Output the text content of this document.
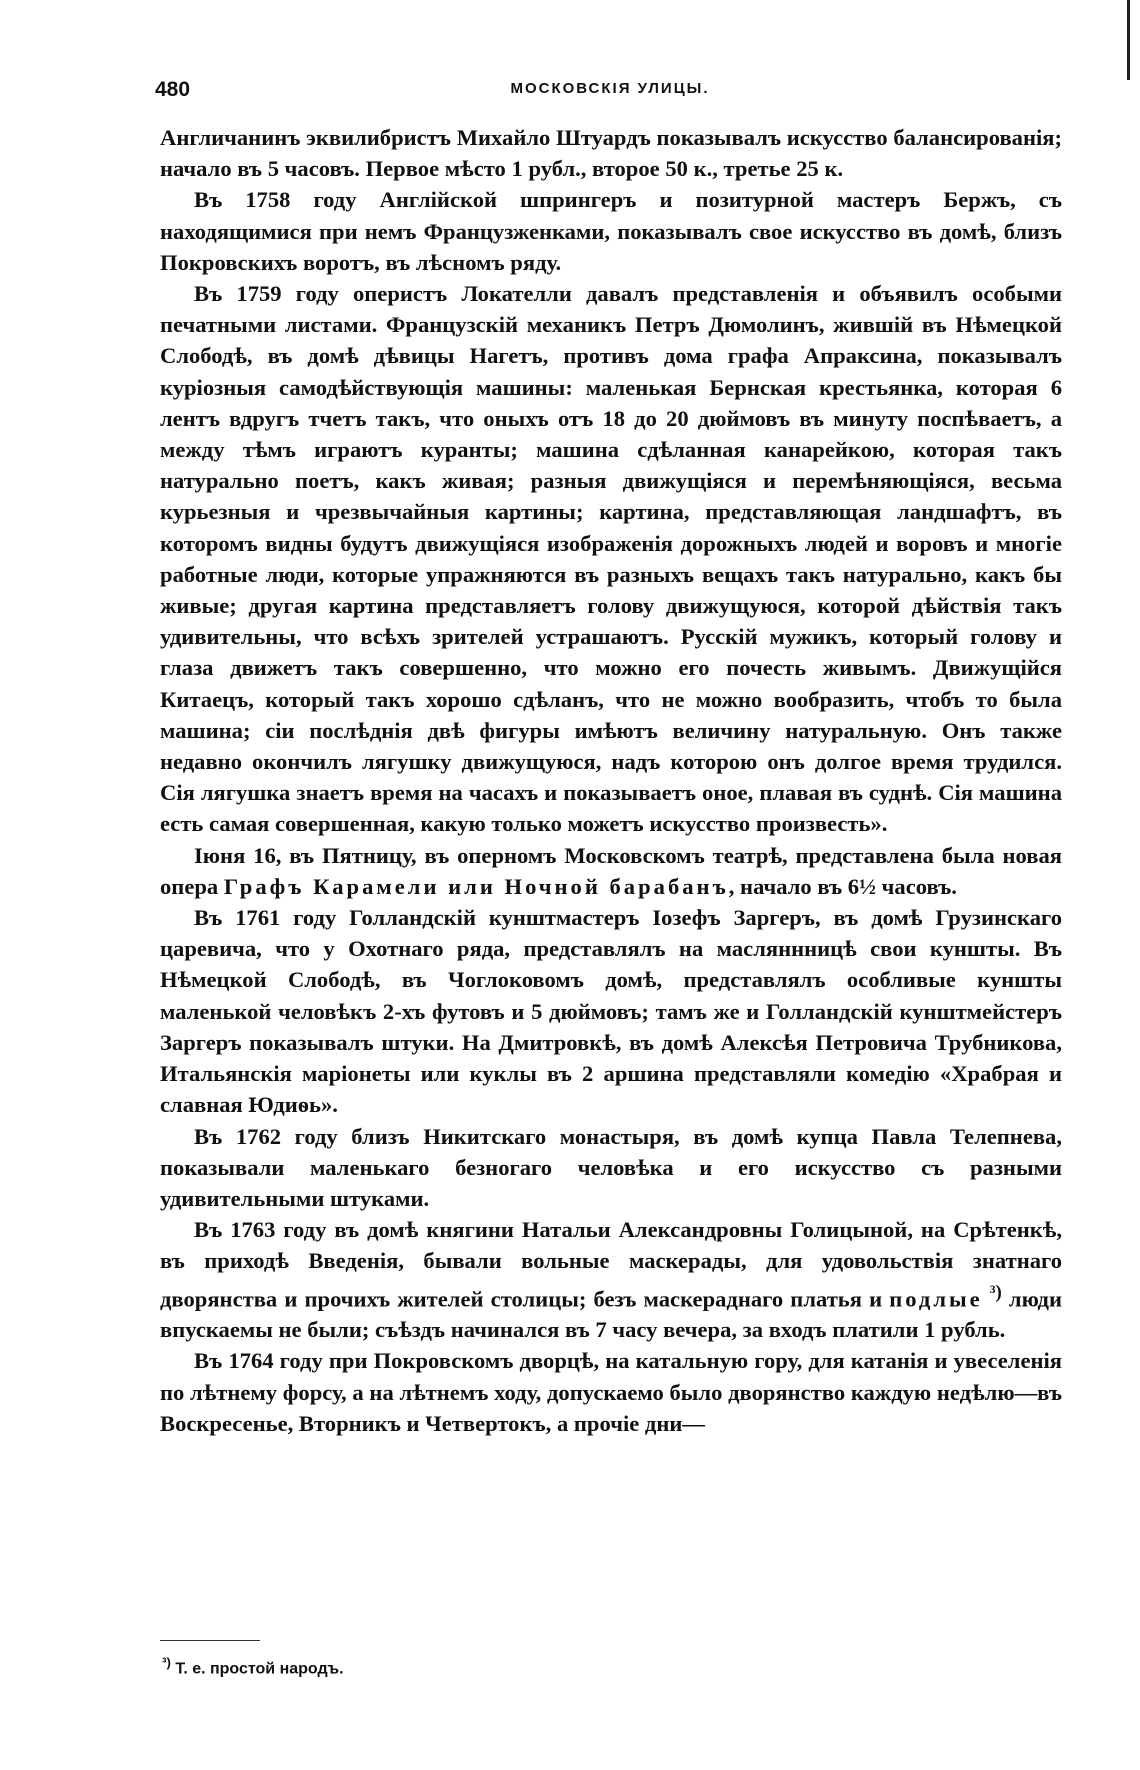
480	МОСКОВСКІЯ УЛИЦЫ.

Англичанинъ эквилибристъ Михайло Штуардъ показывалъ искусство балансированія; начало въ 5 часовъ. Первое мѣсто 1 рубл., второе 50 к., третье 25 к.

Въ 1758 году Англійской шпрингеръ и позитурной мастеръ Бержъ, съ находящимися при немъ Французженками, показывалъ свое искусство въ домѣ, близъ Покровскихъ воротъ, въ лѣсномъ ряду.

Въ 1759 году оперистъ Локателли давалъ представленія и объявилъ особыми печатными листами. Французскій механикъ Петръ Дюмолинъ, жившій въ Нѣмецкой Слободѣ, въ домѣ дѣвицы Нагетъ, противъ дома графа Апраксина, показывалъ куріозныя самодѣйствующія машины: маленькая Бернская крестьянка, которая 6 лентъ вдругъ тчетъ такъ, что оныхъ отъ 18 до 20 дюймовъ въ минуту поспѣваетъ, а между тѣмъ играютъ куранты; машина сдѣланная канарейкою, которая такъ натурально поетъ, какъ живая; разныя движущіяся и перемѣняющіяся, весьма курьезныя и чрезвычайныя картины; картина, представляющая ландшафтъ, въ которомъ видны будутъ движущіяся изображенія дорожныхъ людей и воровъ и многіе работные люди, которые упражняются въ разныхъ вещахъ такъ натурально, какъ бы живые; другая картина представляетъ голову движущуюся, которой дѣйствія такъ удивительны, что всѣхъ зрителей устрашаютъ. Русскій мужикъ, который голову и глаза движетъ такъ совершенно, что можно его почесть живымъ. Движущійся Китаецъ, который такъ хорошо сдѣланъ, что не можно вообразить, чтобъ то была машина; сіи послѣднія двѣ фигуры имѣютъ величину натуральную. Онъ также недавно окончилъ лягушку движущуюся, надъ которою онъ долгое время трудился. Сія лягушка знаетъ время на часахъ и показываетъ оное, плавая въ суднѣ. Сія машина есть самая совершенная, какую только можетъ искусство произвесть».

Іюня 16, въ Пятницу, въ оперномъ Московскомъ театрѣ, представлена была новая опера Графъ Карамели или Ночной барабанъ, начало въ 6½ часовъ.

Въ 1761 году Голландскій кунштмастеръ Іозефъ Заргеръ, въ домѣ Грузинскаго царевича, что у Охотнаго ряда, представлялъ на масляннницѣ свои куншты. Въ Нѣмецкой Слободѣ, въ Чоглоковомъ домѣ, представлялъ особливые куншты маленькой человѣкъ 2-хъ футовъ и 5 дюймовъ; тамъ же и Голландскій кунштмейстеръ Заргеръ показывалъ штуки. На Дмитровкѣ, въ домѣ Алексѣя Петровича Трубникова, Итальянскія маріонеты или куклы въ 2 аршина представляли комедію «Храбрая и славная Юдиѳь».

Въ 1762 году близъ Никитскаго монастыря, въ домѣ купца Павла Телепнева, показывали маленькаго безногаго человѣка и его искусство съ разными удивительными штуками.

Въ 1763 году въ домѣ княгини Натальи Александровны Голицыной, на Срѣтенкѣ, въ приходѣ Введенія, бывали вольные маскерады, для удовольствія знатнаго дворянства и прочихъ жителей столицы; безъ маскераднаго платья и подлые $^{^3)}$ люди впускаемы не были; съѣздъ начинался въ 7 часу вечера, за входъ платили 1 рубль.

Въ 1764 году при Покровскомъ дворцѣ, на катальную гору, для катанія и увеселенія по лѣтнему форсу, а на лѣтнемъ ходу, допускаемо было дворянство каждую недѣлю—въ Воскресенье, Вторникъ и Четвертокъ, а прочіе дни—

$^{^3)}$ Т. е. простой народъ.
